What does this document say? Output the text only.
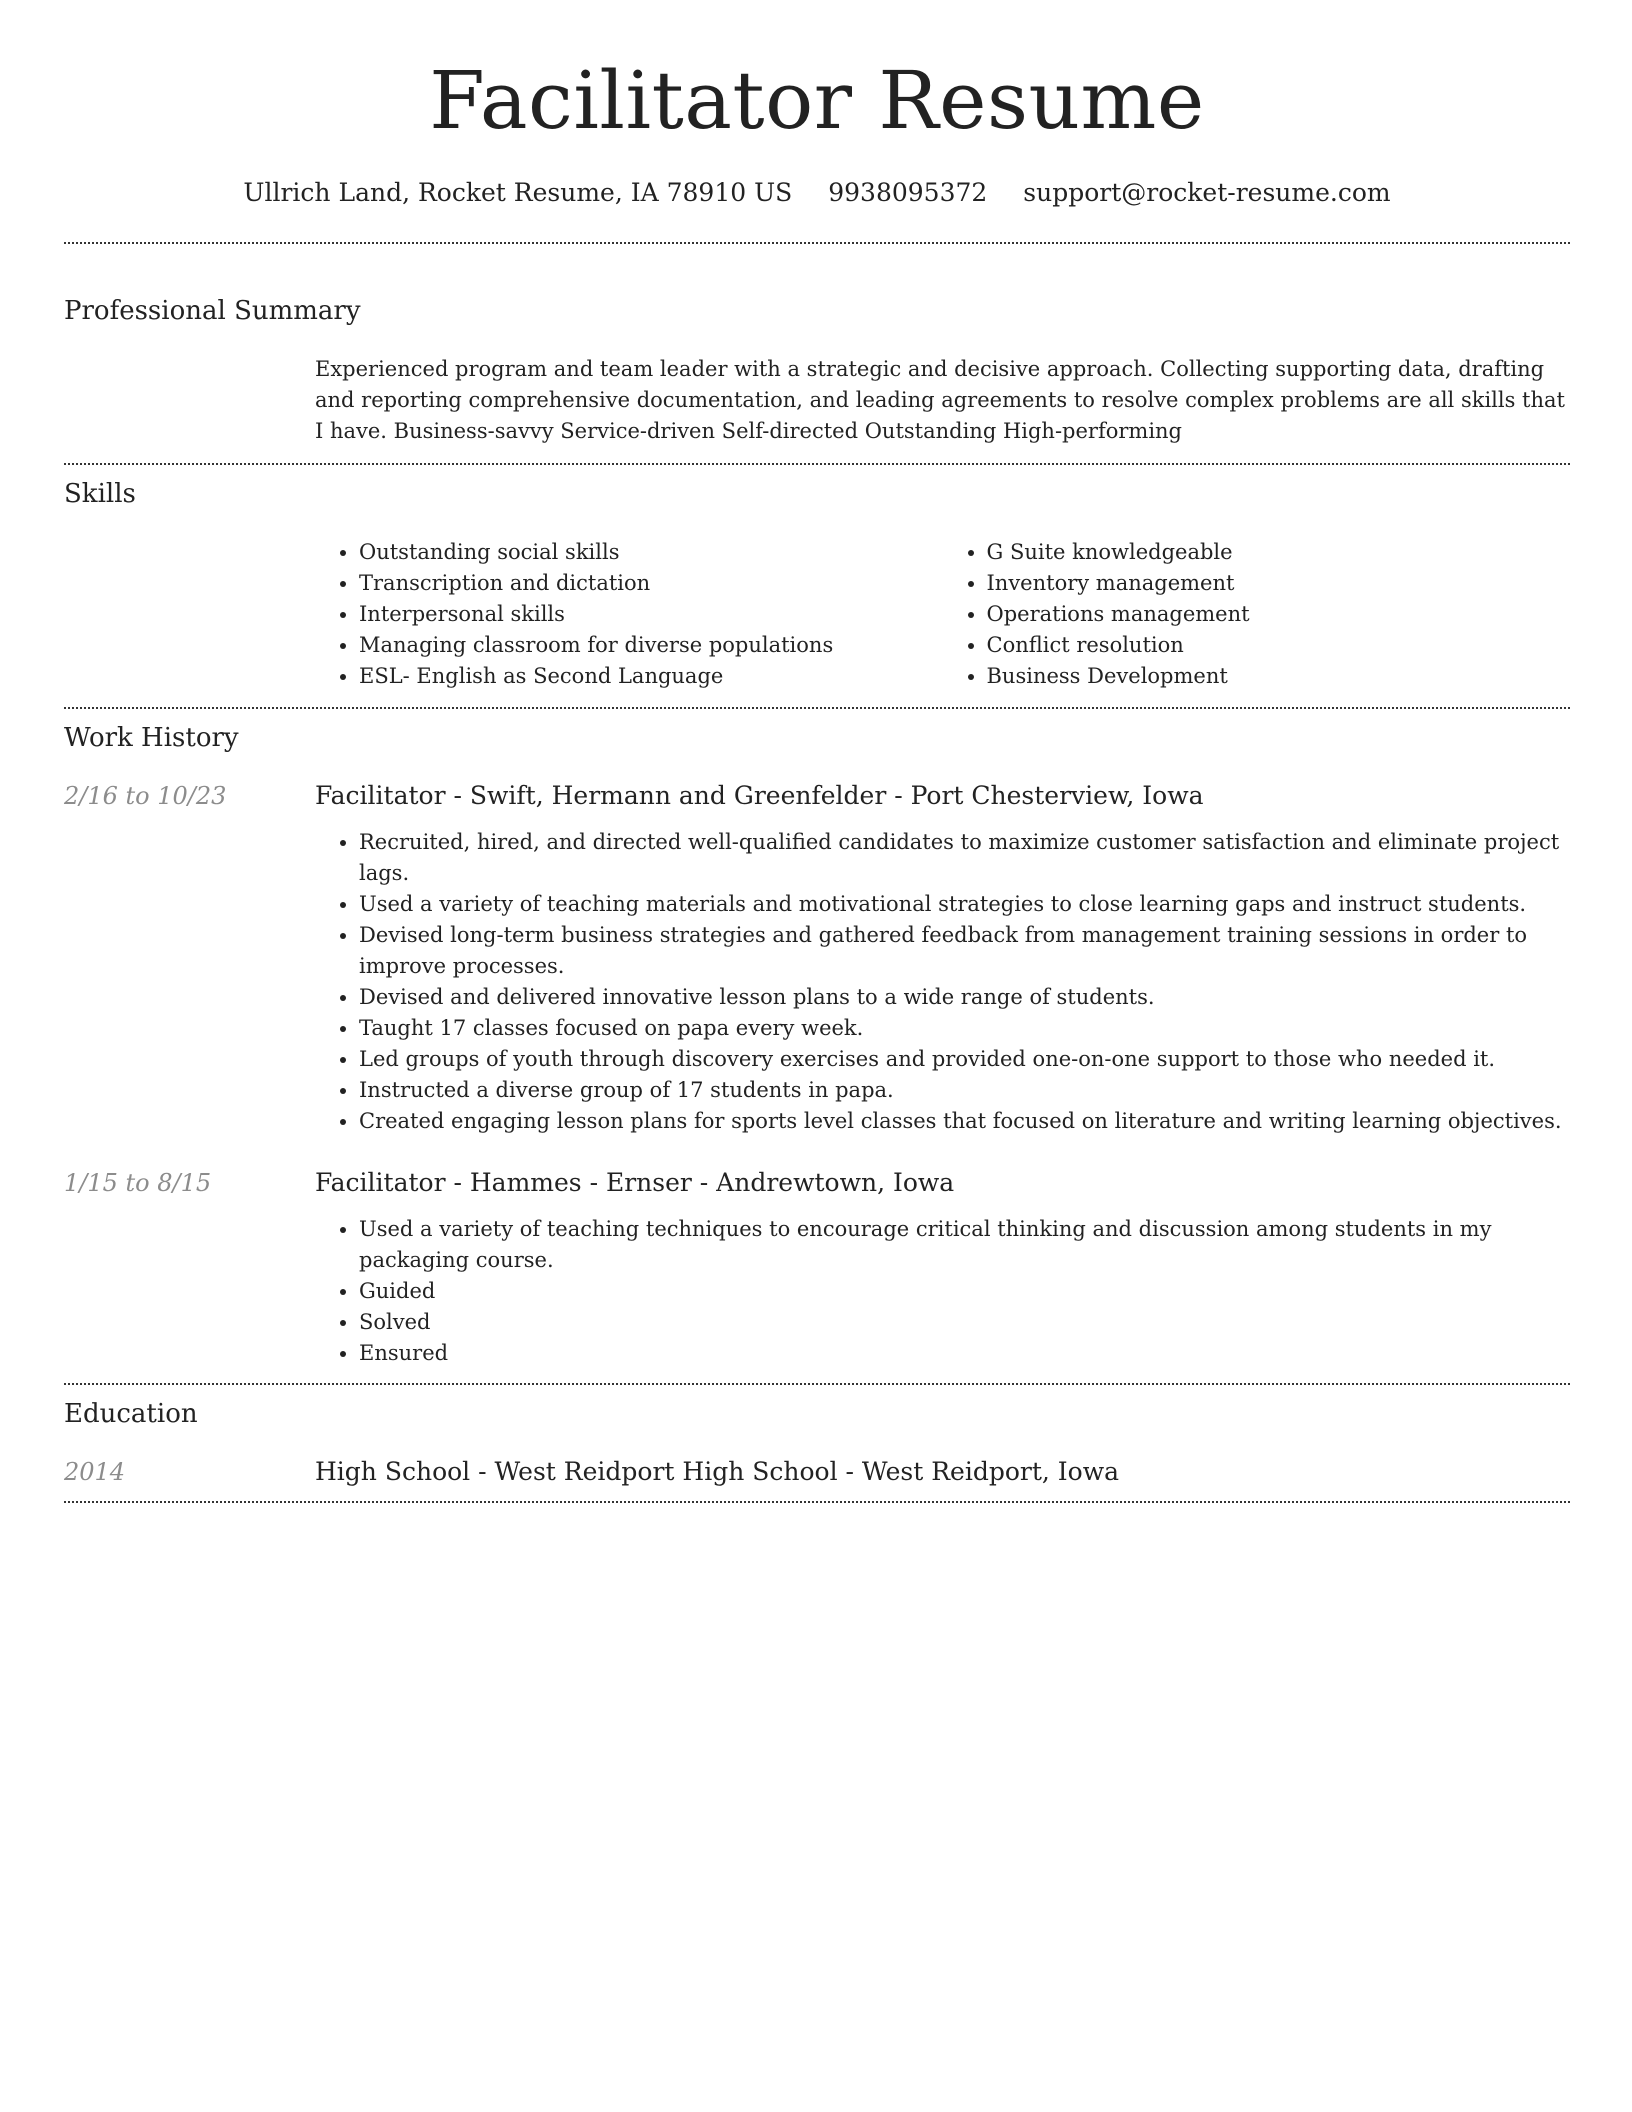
Facilitator Resume
Ullrich Land, Rocket Resume, IA 78910 US 9938095372 support@rocket-resume.com
Professional Summary
Experienced program and team leader with a strategic and decisive approach. Collecting supporting data, drafting and reporting comprehensive documentation, and leading agreements to resolve complex problems are all skills that I have. Business-savvy Service-driven Self-directed Outstanding High-performing
Skills
• Outstanding social skills
• Transcription and dictation
• Interpersonal skills
• Managing classroom for diverse populations
• ESL- English as Second Language
• G Suite knowledgeable
• Inventory management
• Operations management
• Conflict resolution
• Business Development
Work History
2/16 to 10/23	Facilitator - Swift, Hermann and Greenfelder - Port Chesterview, Iowa
• Recruited, hired, and directed well-qualified candidates to maximize customer satisfaction and eliminate project lags.
• Used a variety of teaching materials and motivational strategies to close learning gaps and instruct students.
• Devised long-term business strategies and gathered feedback from management training sessions in order to improve processes.
• Devised and delivered innovative lesson plans to a wide range of students.
• Taught 17 classes focused on papa every week.
• Led groups of youth through discovery exercises and provided one-on-one support to those who needed it.
• Instructed a diverse group of 17 students in papa.
• Created engaging lesson plans for sports level classes that focused on literature and writing learning objectives.
1/15 to 8/15	Facilitator - Hammes - Ernser - Andrewtown, Iowa
• Used a variety of teaching techniques to encourage critical thinking and discussion among students in my packaging course.
• Guided
• Solved
• Ensured
Education
2014	High School - West Reidport High School - West Reidport, Iowa
